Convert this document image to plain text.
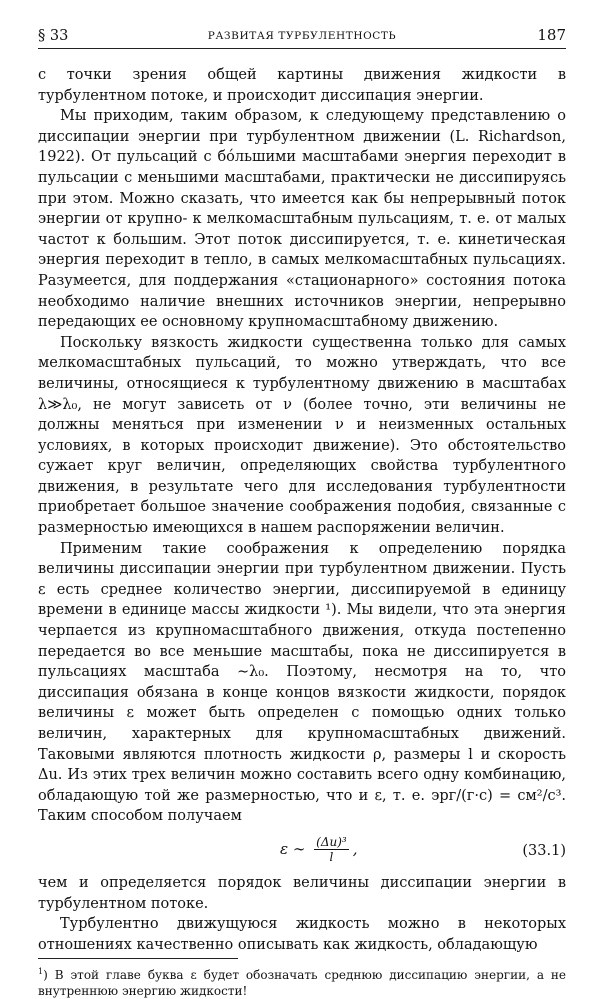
§ 33	РАЗВИТАЯ ТУРБУЛЕНТНОСТЬ	187

с точки зрения общей картины движения жидкости в турбулентном потоке, и происходит диссипация энергии.

Мы приходим, таким образом, к следующему представлению о диссипации энергии при турбулентном движении (L. Richardson, 1922). От пульсаций с бóльшими масштабами энергия переходит в пульсации с меньшими масштабами, практически не диссипируясь при этом. Можно сказать, что имеется как бы непрерывный поток энергии от крупно- к мелкомасштабным пульсациям, т. е. от малых частот к большим. Этот поток диссипируется, т. е. кинетическая энергия переходит в тепло, в самых мелкомасштабных пульсациях. Разумеется, для поддержания «стационарного» состояния потока необходимо наличие внешних источников энергии, непрерывно передающих ее основному крупномасштабному движению.

Поскольку вязкость жидкости существенна только для самых мелкомасштабных пульсаций, то можно утверждать, что все величины, относящиеся к турбулентному движению в масштабах λ≫λ₀, не могут зависеть от ν (более точно, эти величины не должны меняться при изменении ν и неизменных остальных условиях, в которых происходит движение). Это обстоятельство сужает круг величин, определяющих свойства турбулентного движения, в результате чего для исследования турбулентности приобретает большое значение соображения подобия, связанные с размерностью имеющихся в нашем распоряжении величин.

Применим такие соображения к определению порядка величины диссипации энергии при турбулентном движении. Пусть ε есть среднее количество энергии, диссипируемой в единицу времени в единице массы жидкости ¹). Мы видели, что эта энергия черпается из крупномасштабного движения, откуда постепенно передается во все меньшие масштабы, пока не диссипируется в пульсациях масштаба ∼λ₀. Поэтому, несмотря на то, что диссипация обязана в конце концов вязкости жидкости, порядок величины ε может быть определен с помощью одних только величин, характерных для крупномасштабных движений. Таковыми являются плотность жидкости ρ, размеры l и скорость Δu. Из этих трех величин можно составить всего одну комбинацию, обладающую той же размерностью, что и ε, т. е. эрг/(г·с) = см²/с³. Таким способом получаем

ε ∼ $\frac{\text{(Δu)³}}{l}$ ,	(33.1)

чем и определяется порядок величины диссипации энергии в турбулентном потоке.

Турбулентно движущуюся жидкость можно в некоторых отношениях качественно описывать как жидкость, обладающую

$^1$) В этой главе буква ε будет обозначать среднюю диссипацию энергии, а не внутреннюю энергию жидкости!
